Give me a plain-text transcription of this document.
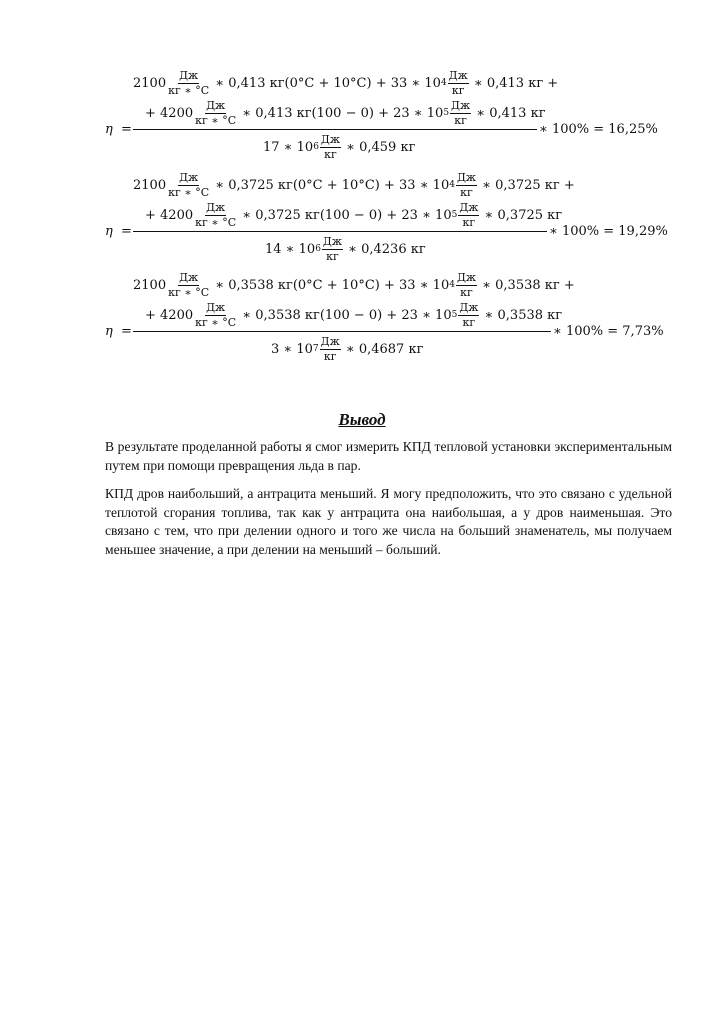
$2100 \frac{Дж}{кг ∗ ^\circ С}$ ∗ 0,413
кг(0°С + 10°С)
+
33 ∗ 10 $4 \frac{Дж}{кг}$ ∗ 0,413
кг
+
+ $4200 \frac{Дж}{кг ∗ ^\circ С}$ ∗ 0,413
кг(100 − 0)
+ 23 ∗ 10 $5 \frac{Дж}{кг}$ ∗ 0,413
кг
η =
17 ∗ 10 $6 \frac{Дж}{кг}$ ∗ 0,459
кг
∗ 100% = 16,25%
$2100 \frac{Дж}{кг ∗ ^\circ С}$ ∗ 0,3725
кг(0°С + 10°С)
+
33 ∗ 10 $4 \frac{Дж}{кг}$ ∗ 0,3725
кг
+
+ $4200 \frac{Дж}{кг ∗ ^\circ С}$ ∗ 0,3725
кг(100 − 0)
+ 23 ∗ 10 $5 \frac{Дж}{кг}$ ∗ 0,3725
кг
η =
14 ∗ 10 $6 \frac{Дж}{кг}$ ∗ 0,4236
кг
∗ 100% = 19,29%
$2100 \frac{Дж}{кг ∗ ^\circ С}$ ∗ 0,3538
кг(0°С + 10°С)
+
33 ∗ 10 $4 \frac{Дж}{кг}$ ∗ 0,3538
кг
+
+ $4200 \frac{Дж}{кг ∗ ^\circ С}$ ∗ 0,3538
кг(100 − 0)
+ 23 ∗ 10 $5 \frac{Дж}{кг}$ ∗ 0,3538
кг
η =
3 ∗ 10 $7 \frac{Дж}{кг}$ ∗ 0,4687
кг
∗ 100% = 7,73%
Вывод

В результате проделанной работы я смог измерить КПД тепловой установки экспериментальным путем при помощи превращения льда в пар.

КПД дров наибольший, а антрацита меньший. Я могу предположить, что это связано с удельной теплотой сгорания топлива, так как у антрацита она наибольшая, а у дров наименьшая. Это связано с тем, что при делении одного и того же числа на больший знаменатель, мы получаем меньшее значение, а при делении на меньший – больший.
